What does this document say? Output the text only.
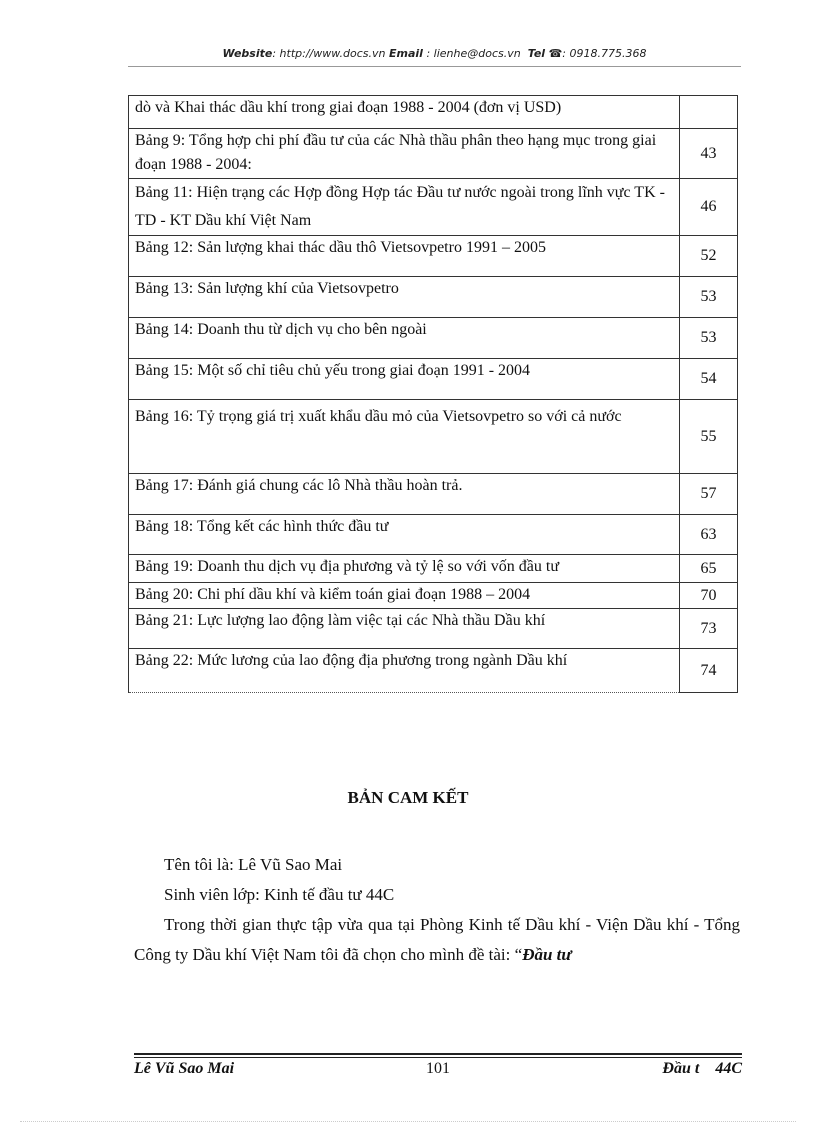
Website: http://www.docs.vn Email : lienhe@docs.vn Tel ☎: 0918.775.368
dò và Khai thác dầu khí trong giai đoạn 1988 - 2004 (đơn vị USD)	
Bảng 9: Tổng hợp chi phí đầu tư của các Nhà thầu phân theo hạng mục trong giai đoạn 1988 - 2004:	43
Bảng 11: Hiện trạng các Hợp đồng Hợp tác Đầu tư nước ngoài trong lĩnh vực TK - TD - KT Dầu khí Việt Nam	46
Bảng 12: Sản lượng khai thác dầu thô Vietsovpetro 1991 – 2005	52
Bảng 13: Sản lượng khí của Vietsovpetro	53
Bảng 14: Doanh thu từ dịch vụ cho bên ngoài	53
Bảng 15: Một số chỉ tiêu chủ yếu trong giai đoạn 1991 - 2004	54
Bảng 16: Tỷ trọng giá trị xuất khẩu dầu mỏ của Vietsovpetro so với cả nước	55
Bảng 17: Đánh giá chung các lô Nhà thầu hoàn trả.	57
Bảng 18: Tổng kết các hình thức đầu tư	63
Bảng 19: Doanh thu dịch vụ địa phương và tỷ lệ so với vốn đầu tư	65
Bảng 20: Chi phí dầu khí và kiểm toán giai đoạn 1988 – 2004	70
Bảng 21: Lực lượng lao động làm việc tại các Nhà thầu Dầu khí	73
Bảng 22: Mức lương của lao động địa phương trong ngành Dầu khí	74
BẢN CAM KẾT

Tên tôi là: Lê Vũ Sao Mai

Sinh viên lớp: Kinh tế đầu tư 44C

Trong thời gian thực tập vừa qua tại Phòng Kinh tế Dầu khí - Viện Dầu khí - Tổng Công ty Dầu khí Việt Nam tôi đã chọn cho mình đề tài: “Đầu tư

Lê Vũ Sao Mai	101	Đầu t    44C
